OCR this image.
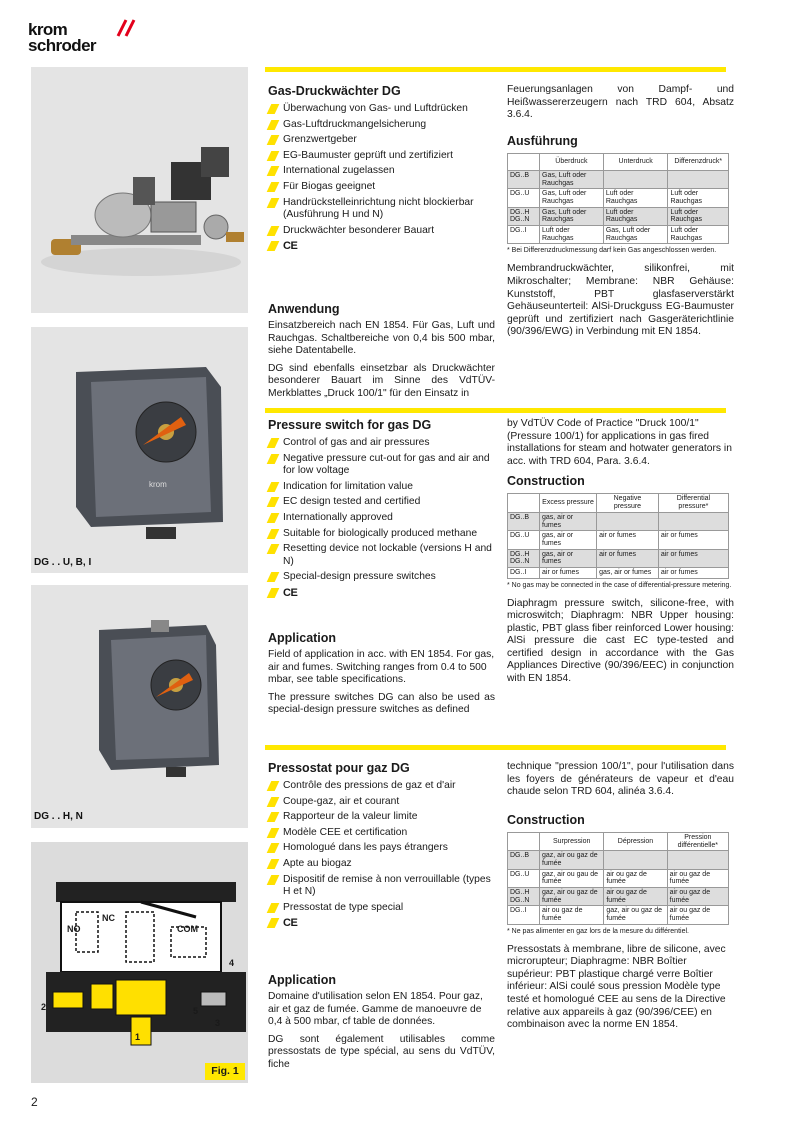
krom
schroder
krom
DG . . U, B, I
DG . . H, N
NO
NC
COM
1
2
3
4
5
Fig. 1
Gas-Druckwächter DG
Überwachung von Gas- und Luftdrücken
Gas-Luftdruckmangelsicherung
Grenzwertgeber
EG-Baumuster geprüft und zertifiziert
International zugelassen
Für Biogas geeignet
Handrückstelleinrichtung nicht blockierbar (Ausführung H und N)
Druckwächter besonderer Bauart
CE
Anwendung
Einsatzbereich nach EN 1854. Für Gas, Luft und Rauchgas. Schaltbereiche von 0,4 bis 500 mbar, siehe Datentabelle.
DG sind ebenfalls einsetzbar als Druckwächter besonderer Bauart im Sinne des VdTÜV-Merkblattes „Druck 100/1" für den Einsatz in
Feuerungsanlagen von Dampf- und Heißwassererzeugern nach TRD 604, Absatz 3.6.4.
Ausführung
	Überdruck	Unterdruck	Differenzdruck*
DG..B	Gas, Luft oder Rauchgas		
DG..U	Gas, Luft oder Rauchgas	Luft oder Rauchgas	Luft oder Rauchgas
DG..H DG..N	Gas, Luft oder Rauchgas	Luft oder Rauchgas	Luft oder Rauchgas
DG..I	Luft oder Rauchgas	Gas, Luft oder Rauchgas	Luft oder Rauchgas
* Bei Differenzdruckmessung darf kein Gas angeschlossen werden.
Membrandruckwächter, silikonfrei, mit Mikroschalter; Membrane: NBR Gehäuse: Kunststoff, PBT glasfaserverstärkt Gehäuseunterteil: AlSi-Druckguss EG-Baumuster geprüft und zertifiziert nach Gasgeräterichtlinie (90/396/EWG) in Verbindung mit EN 1854.
Pressure switch for gas DG
Control of gas and air pressures
Negative pressure cut-out for gas and air and for low voltage
Indication for limitation value
EC design tested and certified
Internationally approved
Suitable for biologically produced methane
Resetting device not lockable (versions H and N)
Special-design pressure switches
CE
Application
Field of application in acc. with EN 1854. For gas, air and fumes. Switching ranges from 0.4 to 500 mbar, see table specifications.
The pressure switches DG can also be used as special-design pressure switches as defined
by VdTÜV Code of Practice "Druck 100/1" (Pressure 100/1) for applications in gas fired installations for steam and hotwater generators in acc. with TRD 604, Para. 3.6.4.
Construction
	Excess pressure	Negative pressure	Differential pressure*
DG..B	gas, air or fumes		
DG..U	gas, air or fumes	air or fumes	air or fumes
DG..H DG..N	gas, air or fumes	air or fumes	air or fumes
DG..I	air or fumes	gas, air or fumes	air or fumes
* No gas may be connected in the case of differential-pressure metering.
Diaphragm pressure switch, silicone-free, with microswitch; Diaphragm: NBR Upper housing: plastic, PBT glass fiber reinforced Lower housing: AlSi pressure die cast EC type-tested and certified design in accordance with the Gas Appliances Directive (90/396/EEC) in conjunction with EN 1854.
Pressostat pour gaz DG
Contrôle des pressions de gaz et d'air
Coupe-gaz, air et courant
Rapporteur de la valeur limite
Modèle CEE et certification
Homologué dans les pays étrangers
Apte au biogaz
Dispositif de remise à non verrouillable (types H et N)
Pressostat de type special
CE
Application
Domaine d'utilisation selon EN 1854. Pour gaz, air et gaz de fumée. Gamme de manoeuvre de 0,4 à 500 mbar, cf table de données.
DG sont également utilisables comme pressostats de type spécial, au sens du VdTÜV, fiche
technique "pression 100/1", pour l'utilisation dans les foyers de générateurs de vapeur et d'eau chaude selon TRD 604, alinéa 3.6.4.
Construction
	Surpression	Dépression	Pression différentielle*
DG..B	gaz, air ou gaz de fumée		
DG..U	gaz, air ou gau de fumée	air ou gaz de fumée	air ou gaz de fumée
DG..H DG..N	gaz, air ou gaz de fumée	air ou gaz de fumée	air ou gaz de fumée
DG..I	air ou gaz de fumée	gaz, air ou gaz de fumée	air ou gaz de fumée
* Ne pas alimenter en gaz lors de la mesure du différentiel.
Pressostats à membrane, libre de silicone, avec microrupteur; Diaphragme: NBR Boîtier supérieur: PBT plastique chargé verre Boîtier inférieur: AlSi coulé sous pression Modèle type testé et homologué CEE au sens de la Directive relative aux appareils à gaz (90/396/CEE) en combinaison avec la norme EN 1854.
2
